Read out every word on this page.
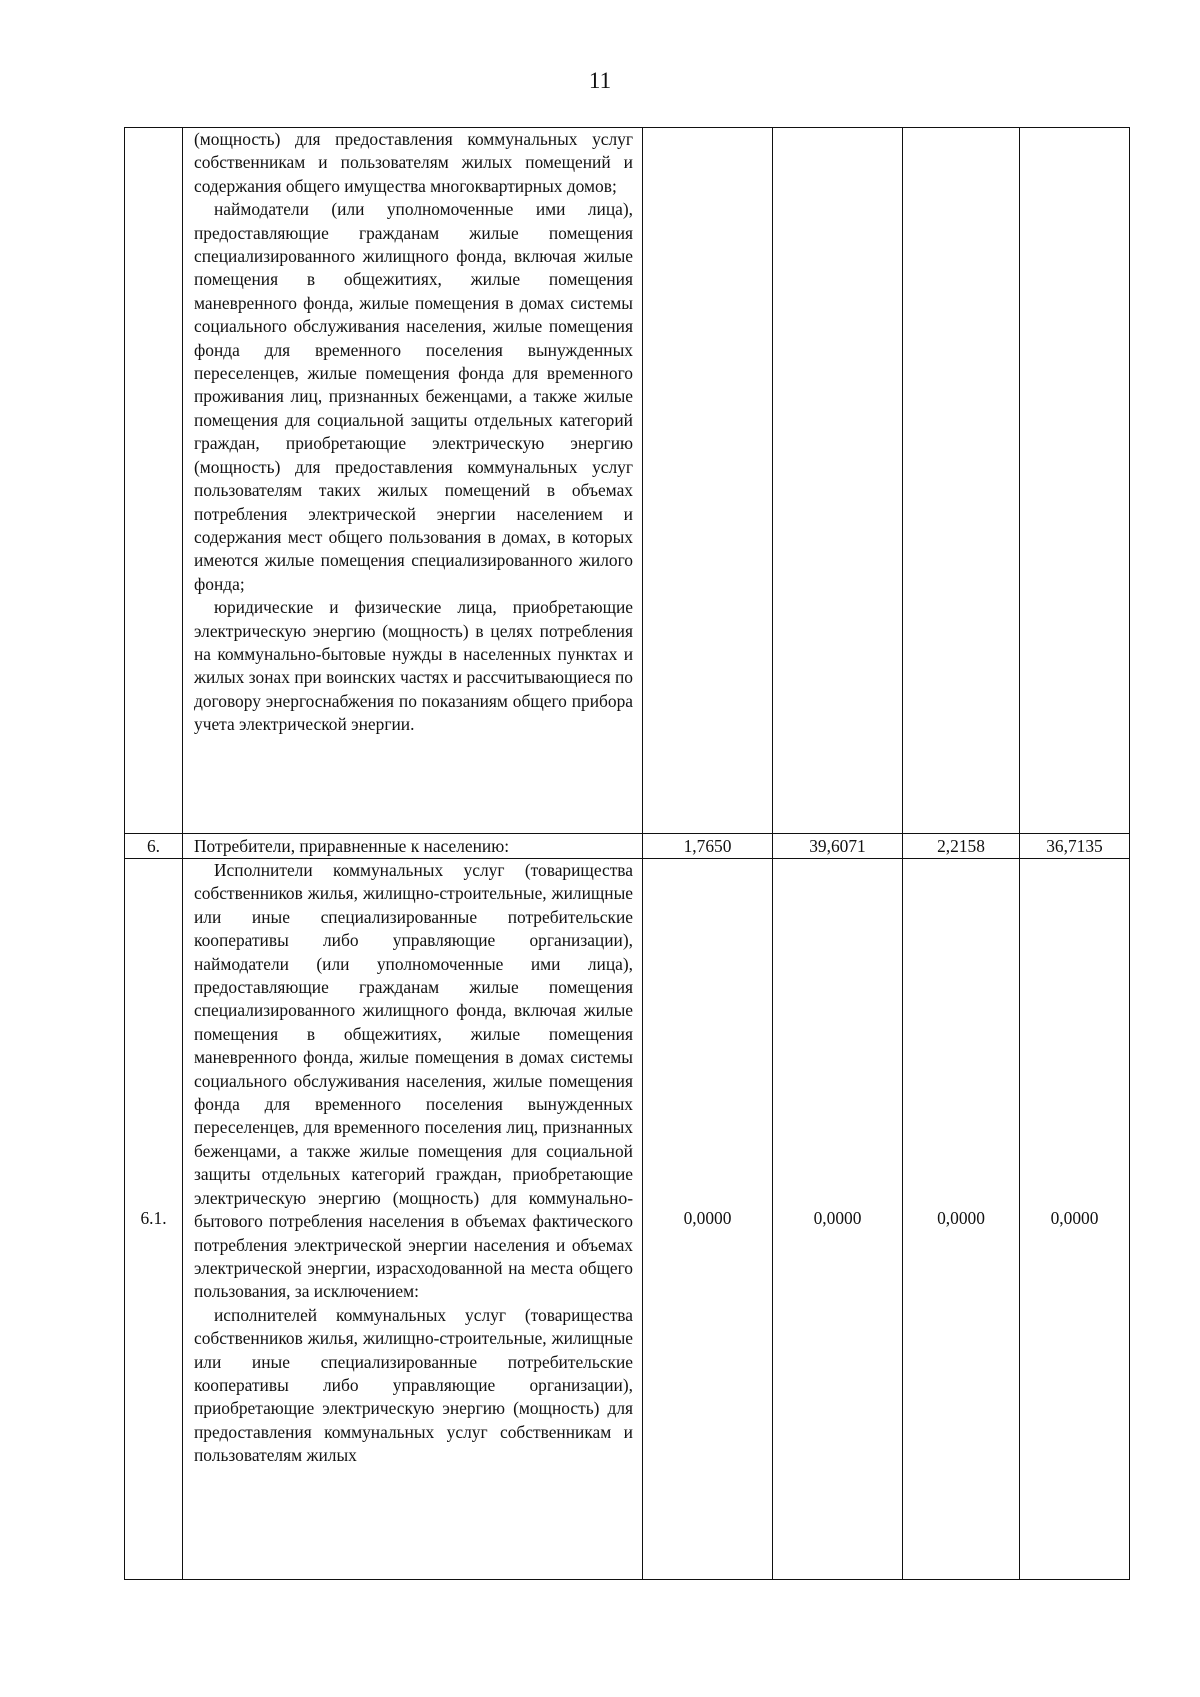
11

	(мощность) для предоставления коммунальных услуг собственникам и пользователям жилых помещений и содержания общего имущества многоквартирных домов;
наймодатели (или уполномоченные ими лица), предоставляющие гражданам жилые помещения специализированного жилищного фонда, включая жилые помещения в общежитиях, жилые помещения маневренного фонда, жилые помещения в домах системы социального обслуживания населения, жилые помещения фонда для временного поселения вынужденных переселенцев, жилые помещения фонда для временного проживания лиц, признанных беженцами, а также жилые помещения для социальной защиты отдельных категорий граждан, приобретающие электрическую энергию (мощность) для предоставления коммунальных услуг пользователям таких жилых помещений в объемах потребления электрической энергии населением и содержания мест общего пользования в домах, в которых имеются жилые помещения специализированного жилого фонда;
юридические и физические лица, приобретающие электрическую энергию (мощность) в целях потребления на коммунально-бытовые нужды в населенных пунктах и жилых зонах при воинских частях и рассчитывающиеся по договору энергоснабжения по показаниям общего прибора учета электрической энергии.				

6.	Потребители, приравненные к населению:	1,7650	39,6071	2,2158	36,7135
6.1.	Исполнители коммунальных услуг (товарищества собственников жилья, жилищно-строительные, жилищные или иные специализированные потребительские кооперативы либо управляющие организации), наймодатели (или уполномоченные ими лица), предоставляющие гражданам жилые помещения специализированного жилищного фонда, включая жилые помещения в общежитиях, жилые помещения маневренного фонда, жилые помещения в домах системы социального обслуживания населения, жилые помещения фонда для временного поселения вынужденных переселенцев, для временного поселения лиц, признанных беженцами, а также жилые помещения для социальной защиты отдельных категорий граждан, приобретающие электрическую энергию (мощность) для коммунально-бытового потребления населения в объемах фактического потребления электрической энергии населения и объемах электрической энергии, израсходованной на места общего пользования, за исключением:
исполнителей коммунальных услуг (товарищества собственников жилья, жилищно-строительные, жилищные или иные специализированные потребительские кооперативы либо управляющие организации), приобретающие электрическую энергию (мощность) для предоставления коммунальных услуг собственникам и пользователям жилых	0,0000	0,0000	0,0000	0,0000
